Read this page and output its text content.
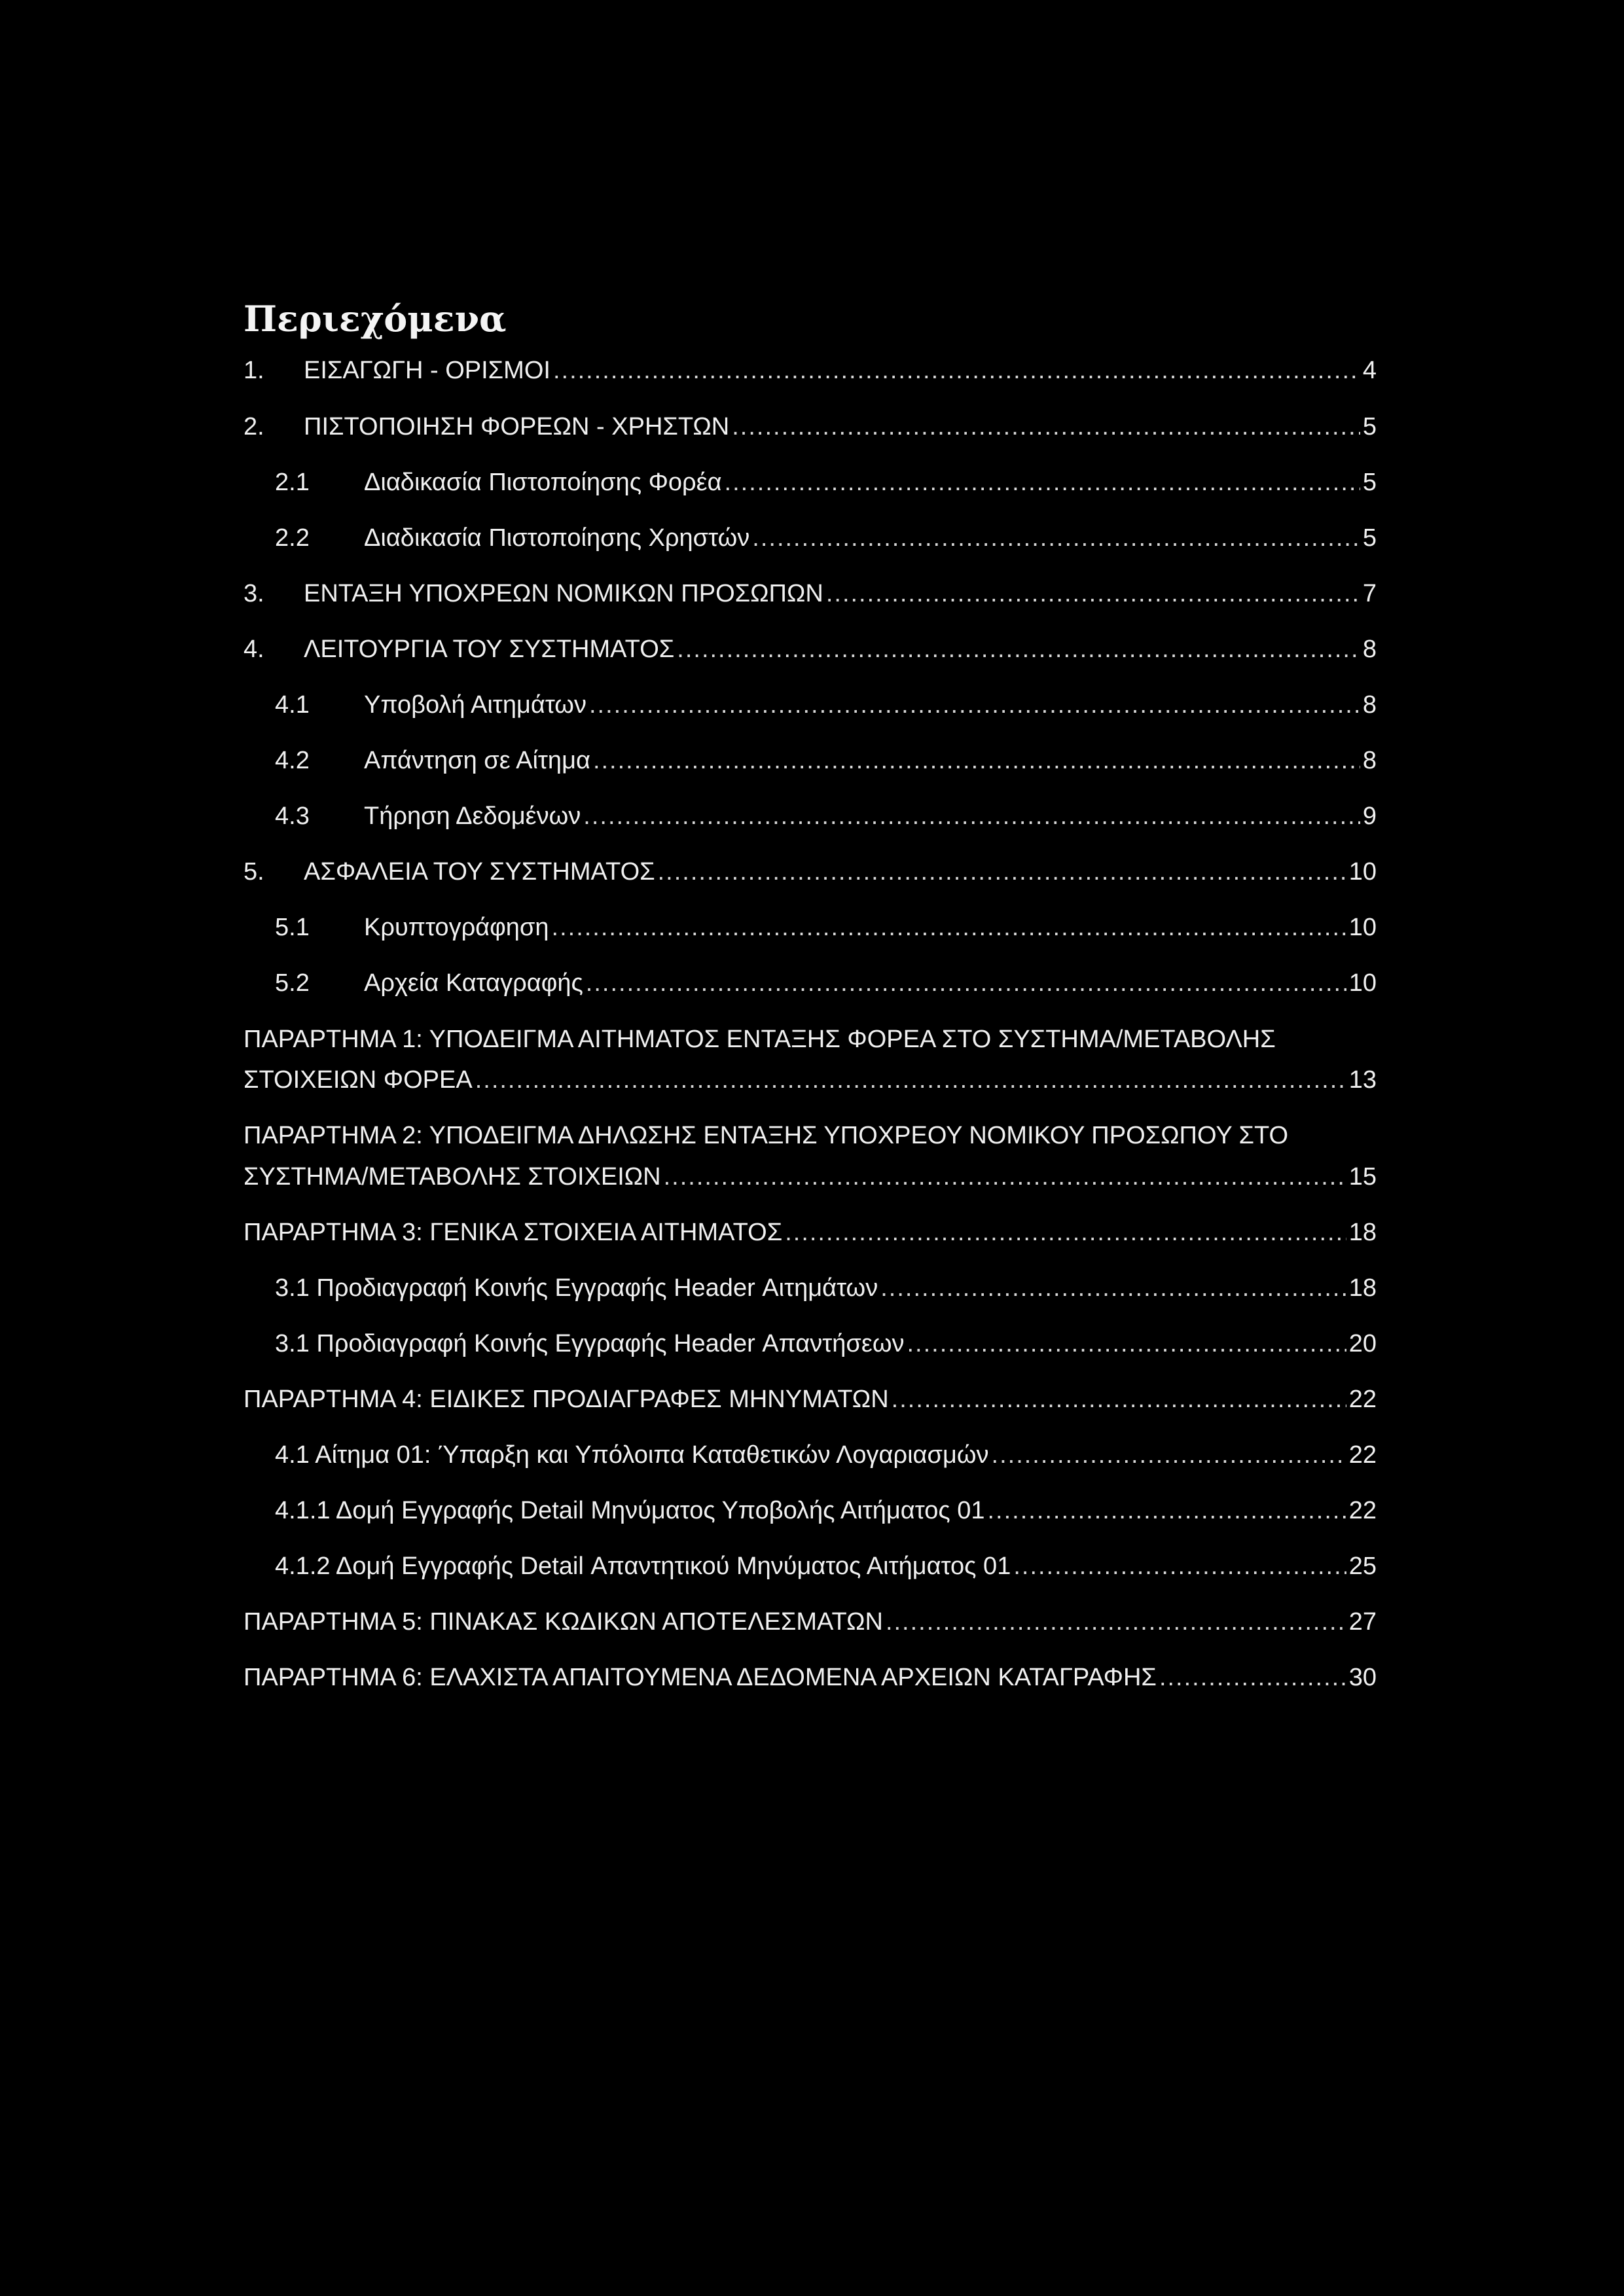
Περιεχόμενα
1.	ΕΙΣΑΓΩΓΗ - ΟΡΙΣΜΟΙ .....	4
2.	ΠΙΣΤΟΠΟΙΗΣΗ ΦΟΡΕΩΝ - ΧΡΗΣΤΩΝ .....	5
2.1	Διαδικασία Πιστοποίησης Φορέα .....	5
2.2	Διαδικασία Πιστοποίησης Χρηστών .....	5
3.	ΕΝΤΑΞΗ ΥΠΟΧΡΕΩΝ ΝΟΜΙΚΩΝ ΠΡΟΣΩΠΩΝ .....	7
4.	ΛΕΙΤΟΥΡΓΙΑ ΤΟΥ ΣΥΣΤΗΜΑΤΟΣ .....	8
4.1	Υποβολή Αιτημάτων .....	8
4.2	Απάντηση σε Αίτημα .....	8
4.3	Τήρηση Δεδομένων .....	9
5.	ΑΣΦΑΛΕΙΑ ΤΟΥ ΣΥΣΤΗΜΑΤΟΣ .....	10
5.1	Κρυπτογράφηση .....	10
5.2	Αρχεία Καταγραφής .....	10
ΠΑΡΑΡΤΗΜΑ 1: ΥΠΟΔΕΙΓΜΑ ΑΙΤΗΜΑΤΟΣ ΕΝΤΑΞΗΣ ΦΟΡΕΑ ΣΤΟ ΣΥΣΤΗΜΑ/ΜΕΤΑΒΟΛΗΣ
ΣΤΟΙΧΕΙΩΝ ΦΟΡΕΑ .....	13
ΠΑΡΑΡΤΗΜΑ 2: ΥΠΟΔΕΙΓΜΑ ΔΗΛΩΣΗΣ ΕΝΤΑΞΗΣ ΥΠΟΧΡΕΟΥ ΝΟΜΙΚΟΥ ΠΡΟΣΩΠΟΥ ΣΤΟ
ΣΥΣΤΗΜΑ/ΜΕΤΑΒΟΛΗΣ ΣΤΟΙΧΕΙΩΝ .....	15
ΠΑΡΑΡΤΗΜΑ 3: ΓΕΝΙΚΑ ΣΤΟΙΧΕΙΑ ΑΙΤΗΜΑΤΟΣ .....	18
3.1 Προδιαγραφή Κοινής Εγγραφής Header Αιτημάτων .....	18
3.1 Προδιαγραφή Κοινής Εγγραφής Header Απαντήσεων .....	20
ΠΑΡΑΡΤΗΜΑ 4: ΕΙΔΙΚΕΣ ΠΡΟΔΙΑΓΡΑΦΕΣ ΜΗΝΥΜΑΤΩΝ .....	22
4.1 Αίτημα 01: Ύπαρξη και Υπόλοιπα Καταθετικών Λογαριασμών .....	22
4.1.1 Δομή Εγγραφής Detail Μηνύματος Υποβολής Αιτήματος 01 .....	22
4.1.2 Δομή Εγγραφής Detail Απαντητικού Μηνύματος Αιτήματος 01 .....	25
ΠΑΡΑΡΤΗΜΑ 5: ΠΙΝΑΚΑΣ ΚΩΔΙΚΩΝ ΑΠΟΤΕΛΕΣΜΑΤΩΝ .....	27
ΠΑΡΑΡΤΗΜΑ 6: ΕΛΑΧΙΣΤΑ ΑΠΑΙΤΟΥΜΕΝΑ ΔΕΔΟΜΕΝΑ ΑΡΧΕΙΩΝ ΚΑΤΑΓΡΑΦΗΣ .....	30
